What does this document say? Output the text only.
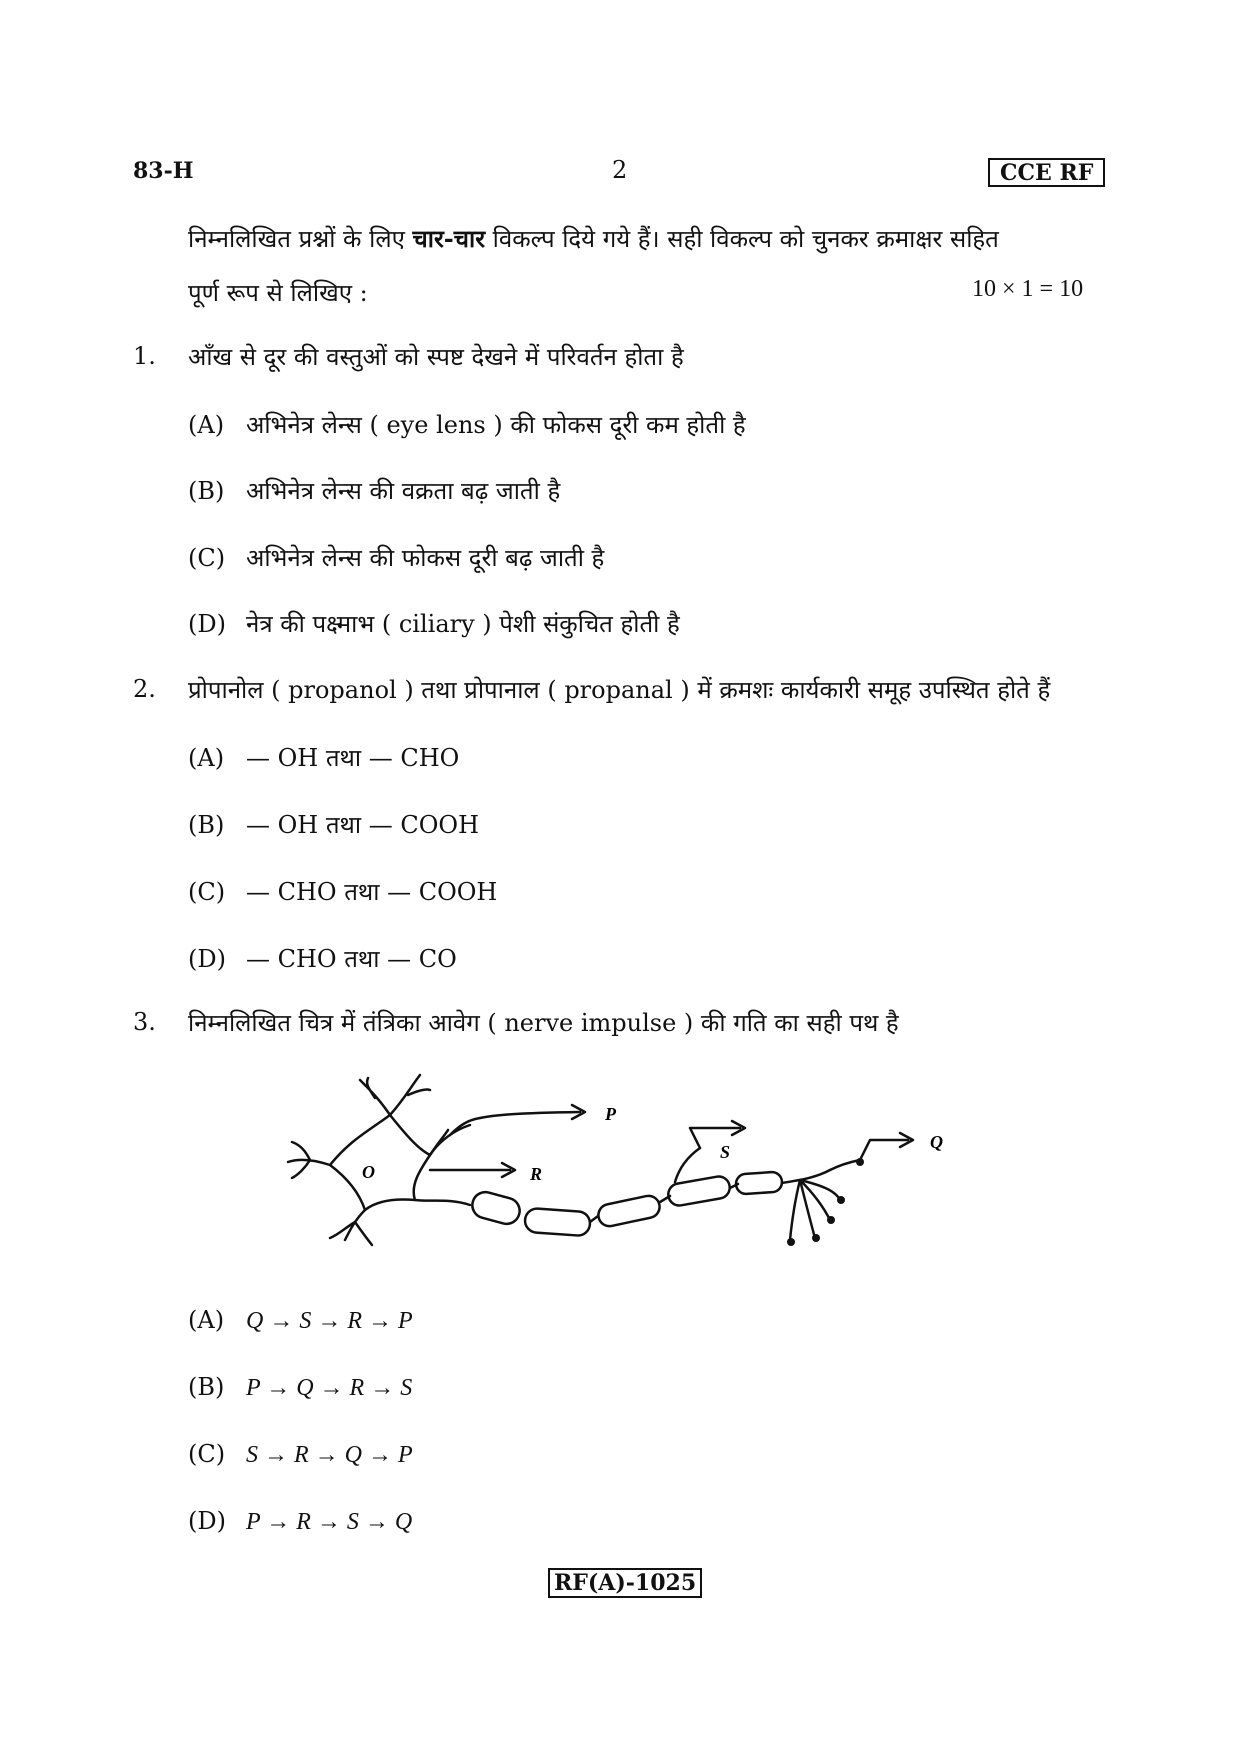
83-H	2	CCE RF
निम्नलिखित प्रश्नों के लिए चार-चार विकल्प दिये गये हैं। सही विकल्प को चुनकर क्रमाक्षर सहित
पूर्ण रूप से लिखिए :	10 × 1 = 10
1. आँख से दूर की वस्तुओं को स्पष्ट देखने में परिवर्तन होता है
(A) अभिनेत्र लेन्स ( eye lens ) की फोकस दूरी कम होती है
(B) अभिनेत्र लेन्स की वक्रता बढ़ जाती है
(C) अभिनेत्र लेन्स की फोकस दूरी बढ़ जाती है
(D) नेत्र की पक्ष्माभ ( ciliary ) पेशी संकुचित होती है
2. प्रोपानोल ( propanol ) तथा प्रोपानाल ( propanal ) में क्रमशः कार्यकारी समूह उपस्थित होते हैं
(A) — OH तथा — CHO
(B) — OH तथा — COOH
(C) — CHO तथा — COOH
(D) — CHO तथा — CO
3. निम्नलिखित चित्र में तंत्रिका आवेग ( nerve impulse ) की गति का सही पथ है
P
Q
R
S
O
(A) Q → S → R → P
(B) P → Q → R → S
(C) S → R → Q → P
(D) P → R → S → Q
RF(A)-1025
